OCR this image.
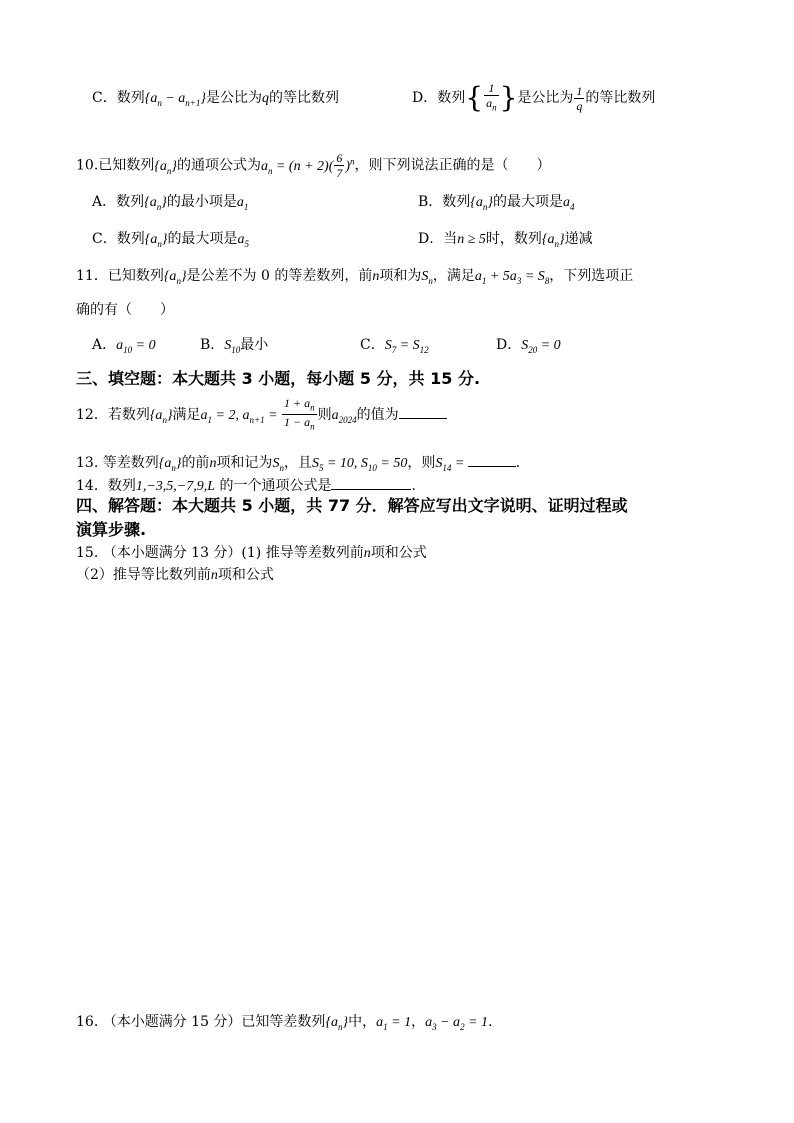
C．数列$\{a_n - a_{n+1}\}$是公比为q的等比数列	D．数列{ $\frac{1}{a_n}$ }是公比为 $\frac{1}{q}$ 的等比数列
10.已知数列$\{a_n\}$的通项公式为$a_n = (n + 2)( \frac{6}{7} )^n$，则下列说法正确的是（　　）
A．数列$\{a_n\}$的最小项是$a_1$	B．数列$\{a_n\}$的最大项是$a_4$
C．数列$\{a_n\}$的最大项是$a_5$	D．当n ≥ 5时，数列$\{a_n\}$递减
11．已知数列$\{a_n\}$是公差不为 0 的等差数列，前n项和为$S_n$，满足$a_1 + 5a_3 = S_8$，下列选项正
确的有（　　）
A．$a_{10} = 0$	B．$S_{10}$最小	C．$S_7 = S_{12}$	D．$S_{20} = 0$
三、填空题：本大题共 3 小题，每小题 5 分，共 15 分.
12．若数列$\{a_n\}$满足$a_1 = 2$, $a_{n+1} = \frac{1 + a_n}{1 - a_n}$ 则$a_{2024}$的值为
13. 等差数列$\{a_n\}$的前n项和记为$S_n$，且$S_5 = 10$, $S_{10} = 50$，则$S_{14}$ =	.
14．数列1,−3,5,−7,9,L 的一个通项公式是	.
四、解答题：本大题共 5 小题，共 77 分．解答应写出文字说明、证明过程或
演算步骤.
15. （本小题满分 13 分）(1) 推导等差数列前n项和公式
（2）推导等比数列前n项和公式
16. （本小题满分 15 分）已知等差数列$\{a_n\}$中，$a_1 = 1$，$a_3 - a_2 = 1$.
